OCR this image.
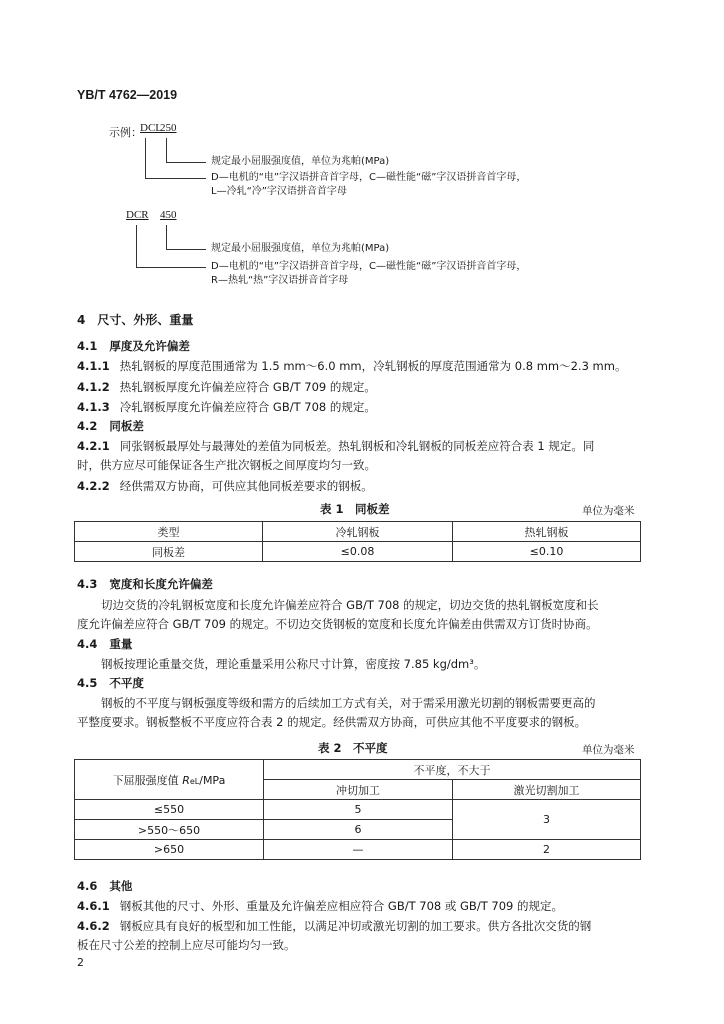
YB/T 4762—2019
示例：
DCL
250
规定最小屈服强度值，单位为兆帕(MPa)
D—电机的“电”字汉语拼音首字母，C—磁性能“磁”字汉语拼音首字母，
L—冷轧“冷”字汉语拼音首字母
DCR 450
规定最小屈服强度值，单位为兆帕(MPa)
D—电机的“电”字汉语拼音首字母，C—磁性能“磁”字汉语拼音首字母，
R—热轧“热”字汉语拼音首字母
4 尺寸、外形、重量
4.1 厚度及允许偏差
4.1.1 热轧钢板的厚度范围通常为 1.5 mm～6.0 mm，冷轧钢板的厚度范围通常为 0.8 mm～2.3 mm。
4.1.2 热轧钢板厚度允许偏差应符合 GB/T 709 的规定。
4.1.3 冷轧钢板厚度允许偏差应符合 GB/T 708 的规定。
4.2 同板差
4.2.1 同张钢板最厚处与最薄处的差值为同板差。热轧钢板和冷轧钢板的同板差应符合表 1 规定。同
时，供方应尽可能保证各生产批次钢板之间厚度均匀一致。
4.2.2 经供需双方协商，可供应其他同板差要求的钢板。
表 1　同板差	单位为毫米
类型	冷轧钢板	热轧钢板
同板差	≤0.08	≤0.10
4.3 宽度和长度允许偏差
切边交货的冷轧钢板宽度和长度允许偏差应符合 GB/T 708 的规定，切边交货的热轧钢板宽度和长
度允许偏差应符合 GB/T 709 的规定。不切边交货钢板的宽度和长度允许偏差由供需双方订货时协商。
4.4 重量
钢板按理论重量交货，理论重量采用公称尺寸计算，密度按 7.85 kg/dm³。
4.5 不平度
钢板的不平度与钢板强度等级和需方的后续加工方式有关，对于需采用激光切割的钢板需要更高的
平整度要求。钢板整板不平度应符合表 2 的规定。经供需双方协商，可供应其他不平度要求的钢板。
表 2　不平度	单位为毫米
下屈服强度值 ReL/MPa	不平度，不大于	
	冲切加工	激光切割加工
≤550	5	3
>550～650	6	
>650	—	2
4.6 其他
4.6.1 钢板其他的尺寸、外形、重量及允许偏差应相应符合 GB/T 708 或 GB/T 709 的规定。
4.6.2 钢板应具有良好的板型和加工性能，以满足冲切或激光切割的加工要求。供方各批次交货的钢
板在尺寸公差的控制上应尽可能均匀一致。
2
